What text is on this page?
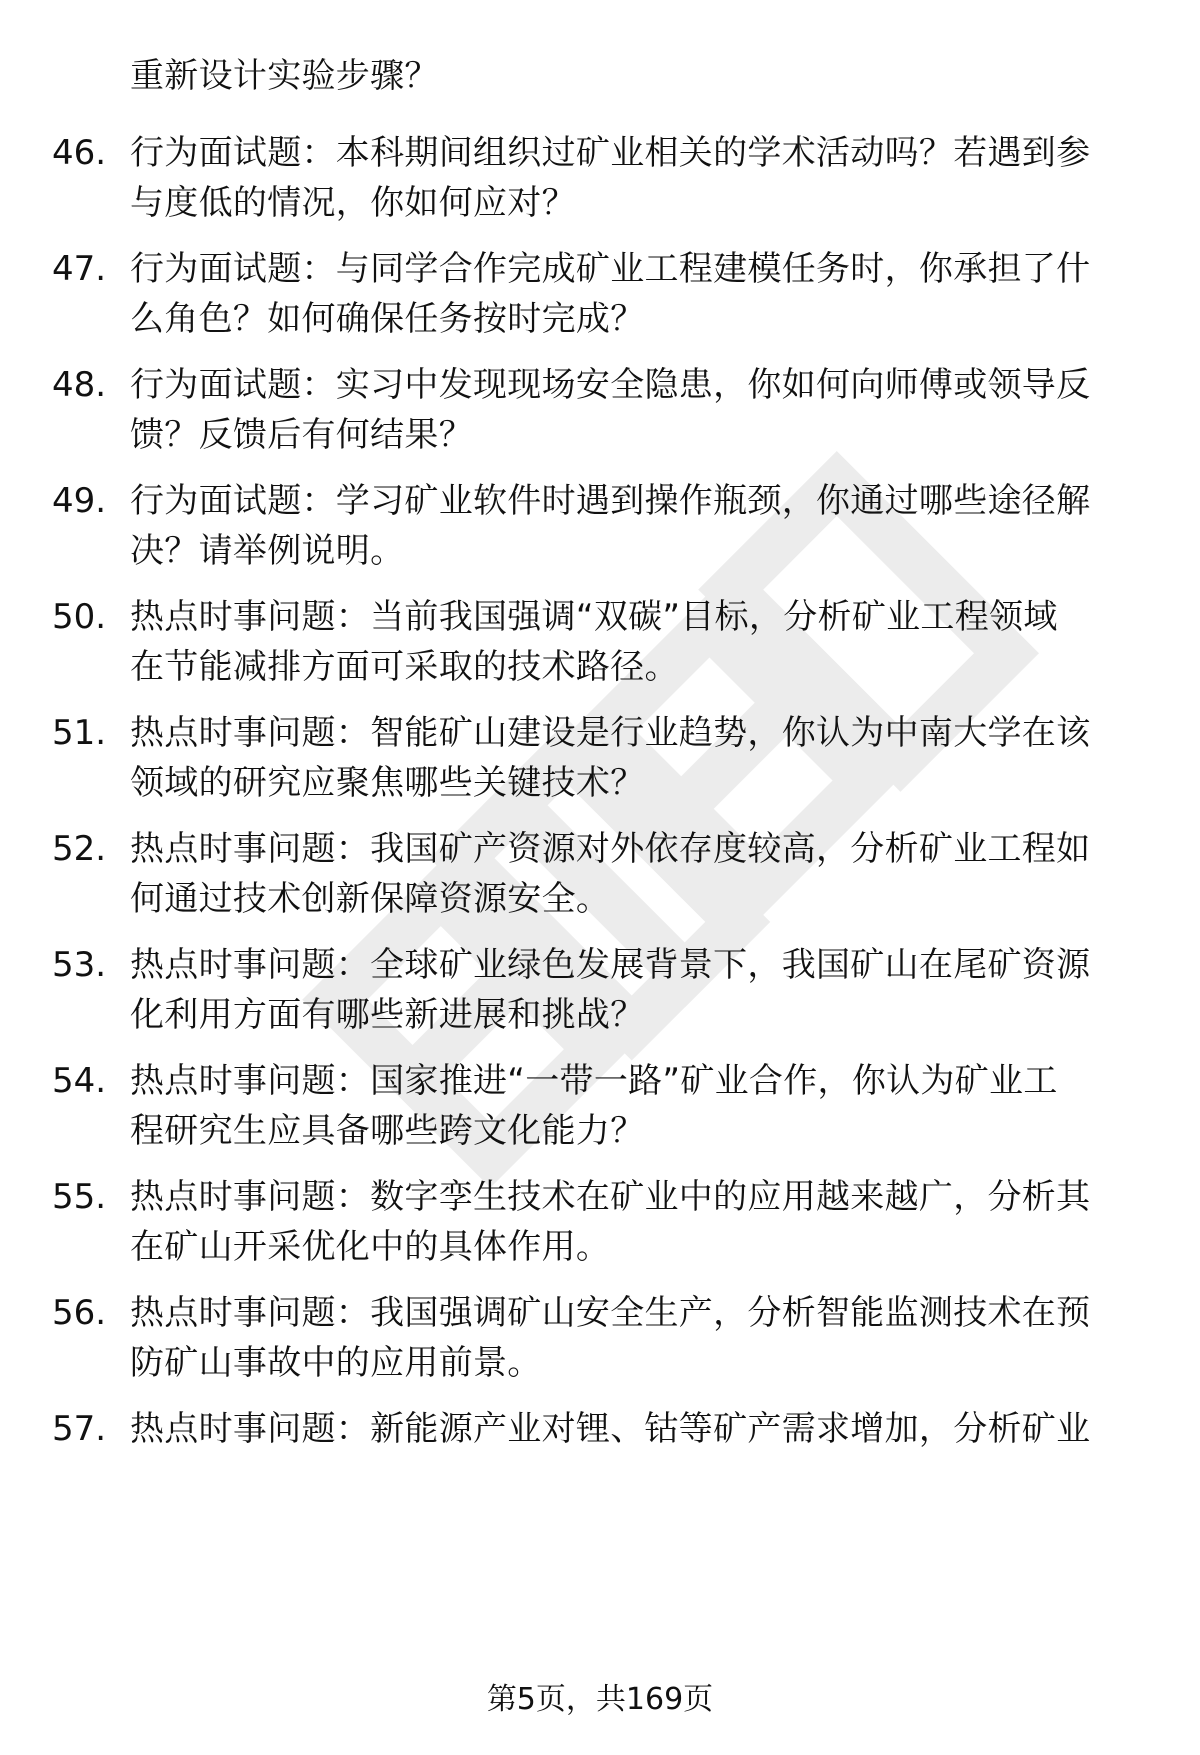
重新设计实验步骤？
46. 行为面试题：本科期间组织过矿业相关的学术活动吗？若遇到参
与度低的情况，你如何应对？
47. 行为面试题：与同学合作完成矿业工程建模任务时，你承担了什
么角色？如何确保任务按时完成？
48. 行为面试题：实习中发现现场安全隐患，你如何向师傅或领导反
馈？反馈后有何结果？
49. 行为面试题：学习矿业软件时遇到操作瓶颈，你通过哪些途径解
决？请举例说明。
50. 热点时事问题：当前我国强调“双碳”目标，分析矿业工程领域
在节能减排方面可采取的技术路径。
51. 热点时事问题：智能矿山建设是行业趋势，你认为中南大学在该
领域的研究应聚焦哪些关键技术？
52. 热点时事问题：我国矿产资源对外依存度较高，分析矿业工程如
何通过技术创新保障资源安全。
53. 热点时事问题：全球矿业绿色发展背景下，我国矿山在尾矿资源
化利用方面有哪些新进展和挑战？
54. 热点时事问题：国家推进“一带一路”矿业合作，你认为矿业工
程研究生应具备哪些跨文化能力？
55. 热点时事问题：数字孪生技术在矿业中的应用越来越广，分析其
在矿山开采优化中的具体作用。
56. 热点时事问题：我国强调矿山安全生产，分析智能监测技术在预
防矿山事故中的应用前景。
57. 热点时事问题：新能源产业对锂、钴等矿产需求增加，分析矿业
第5页，共169页
